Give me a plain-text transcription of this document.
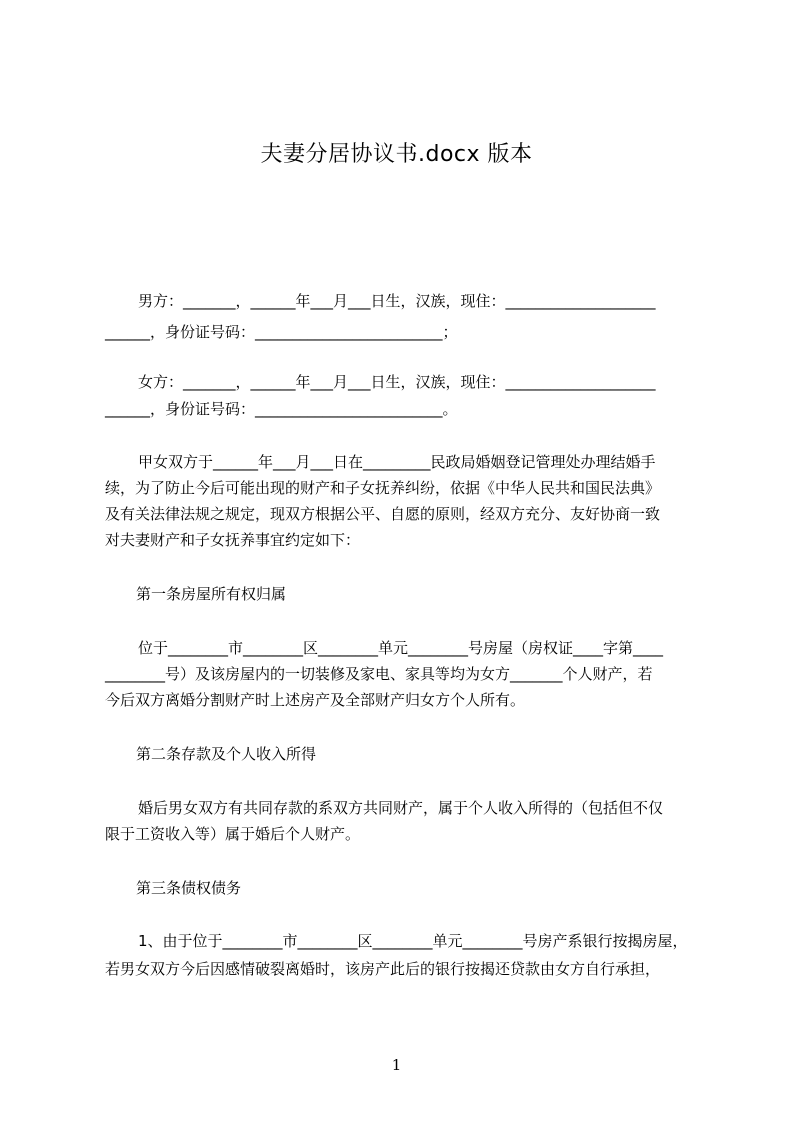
夫妻分居协议书.docx 版本
男方：_______，______年___月___日生，汉族，现住：____________________
______，身份证号码：_________________________；
女方：_______，______年___月___日生，汉族，现住：____________________
______，身份证号码：_________________________。
甲女双方于______年___月___日在_________民政局婚姻登记管理处办理结婚手
续，为了防止今后可能出现的财产和子女抚养纠纷，依据《中华人民共和国民法典》
及有关法律法规之规定，现双方根据公平、自愿的原则，经双方充分、友好协商一致
对夫妻财产和子女抚养事宜约定如下：
第一条房屋所有权归属
位于________市________区________单元________号房屋（房权证____字第____
________号）及该房屋内的一切装修及家电、家具等均为女方_______个人财产，若
今后双方离婚分割财产时上述房产及全部财产归女方个人所有。
第二条存款及个人收入所得
婚后男女双方有共同存款的系双方共同财产，属于个人收入所得的（包括但不仅
限于工资收入等）属于婚后个人财产。
第三条债权债务
1、由于位于________市________区________单元________号房产系银行按揭房屋，
若男女双方今后因感情破裂离婚时，该房产此后的银行按揭还贷款由女方自行承担，
1
